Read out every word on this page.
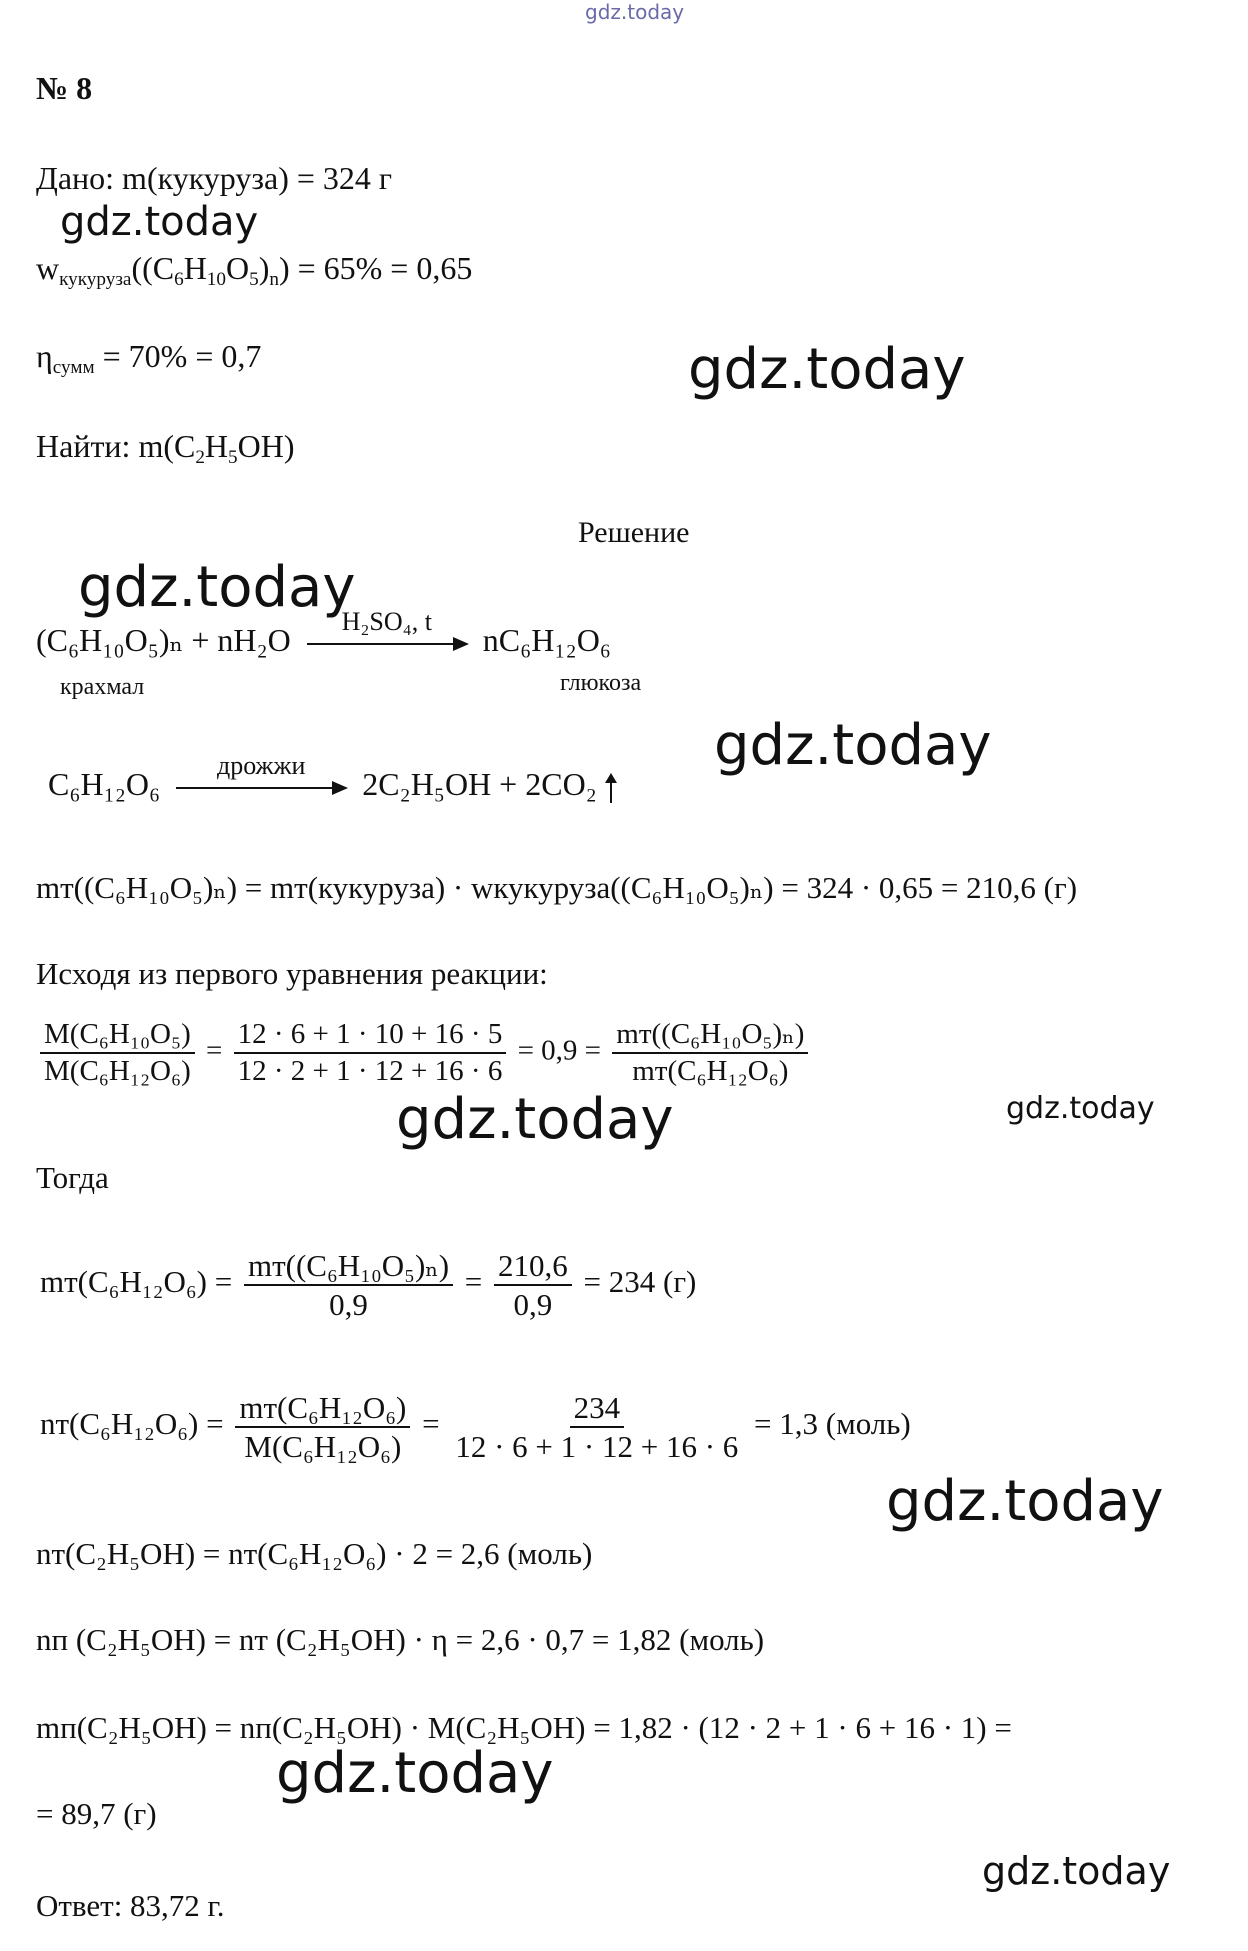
gdz.today
№ 8
Дано: m(кукуруза) = 324 г
$w_{кукуруза}((C_6H_{10}O_5)_n) = 65\% = 0,65$
$\eta_{сумм} = 70\% = 0,7$
Найти: $m(C_2H_5OH)$
Решение
(C₆H₁₀O₅)ₙ + nH₂O
H₂SO₄, t
nC₆H₁₂O₆
крахмал	глюкоза
C₆H₁₂O₆
дрожжи
2C₂H₅OH + 2CO₂
mт((C₆H₁₀O₅)ₙ) = mт(кукуруза) · wкукуруза((C₆H₁₀O₅)ₙ) = 324 · 0,65 = 210,6 (г)
Исходя из первого уравнения реакции:
$\frac{\text{M(C₆H₁₀O₅)}}{\text{M(C₆H₁₂O₆)}} = \frac{12 \cdot 6 + 1 \cdot 10 + 16 \cdot 5}{12 \cdot 2 + 1 \cdot 12 + 16 \cdot 6} = 0,9 = \frac{\text{mт((C₆H₁₀O₅)ₙ)}}{\text{mт(C₆H₁₂O₆)}}$
Тогда
$mт(C_6H_{12}O_6) = \frac{\text{mт((C₆H₁₀O₅)ₙ)}}{0,9} = \frac{210,6}{0,9} = 234$ (г)
$nт(C_6H_{12}O_6) = \frac{\text{mт(C₆H₁₂O₆)}}{\text{M(C₆H₁₂O₆)}} = \frac{234}{12 \cdot 6 + 1 \cdot 12 + 16 \cdot 6} = 1,3$ (моль)
nт(C₂H₅OH) = nт(C₆H₁₂O₆) · 2 = 2,6 (моль)
nп (C₂H₅OH) = nт (C₂H₅OH) · η = 2,6 · 0,7 = 1,82 (моль)
mп(C₂H₅OH) = nп(C₂H₅OH) · M(C₂H₅OH) = 1,82 · (12 · 2 + 1 · 6 + 16 · 1) =
= 89,7 (г)
Ответ: 83,72 г.
gdz.today
gdz.today
gdz.today
gdz.today
gdz.today	gdz.today
gdz.today
gdz.today
gdz.today
